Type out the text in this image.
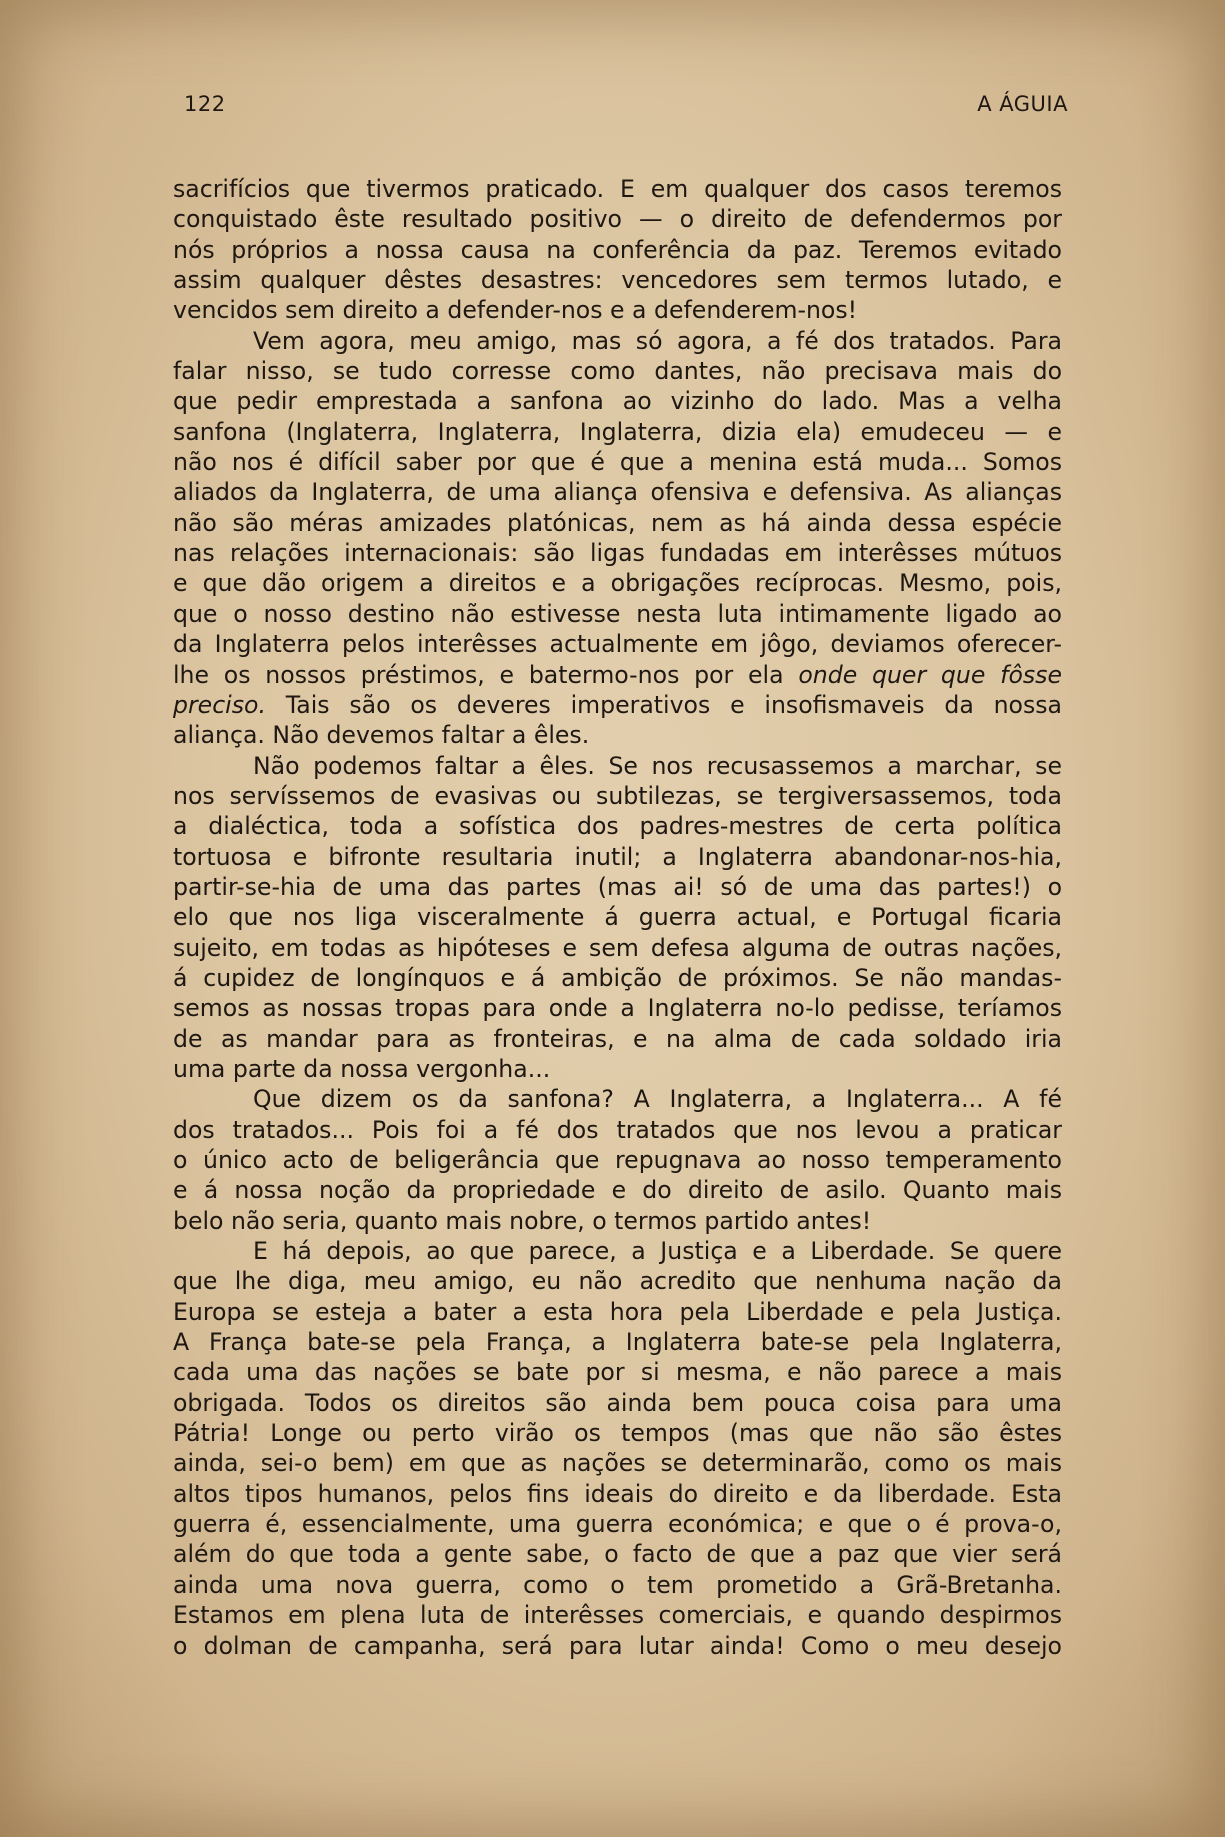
122	A ÁGUIA
sacrifícios que tivermos praticado. E em qualquer dos casos teremos
conquistado êste resultado positivo — o direito de defendermos por
nós próprios a nossa causa na conferência da paz. Teremos evitado
assim qualquer dêstes desastres: vencedores sem termos lutado, e
vencidos sem direito a defender-nos e a defenderem-nos!
Vem agora, meu amigo, mas só agora, a fé dos tratados. Para
falar nisso, se tudo corresse como dantes, não precisava mais do
que pedir emprestada a sanfona ao vizinho do lado. Mas a velha
sanfona (Inglaterra, Inglaterra, Inglaterra, dizia ela) emudeceu — e
não nos é difícil saber por que é que a menina está muda... Somos
aliados da Inglaterra, de uma aliança ofensiva e defensiva. As alianças
não são méras amizades platónicas, nem as há ainda dessa espécie
nas relações internacionais: são ligas fundadas em interêsses mútuos
e que dão origem a direitos e a obrigações recíprocas. Mesmo, pois,
que o nosso destino não estivesse nesta luta intimamente ligado ao
da Inglaterra pelos interêsses actualmente em jôgo, deviamos oferecer-
lhe os nossos préstimos, e batermo-nos por ela onde quer que fôsse
preciso. Tais são os deveres imperativos e insofismaveis da nossa
aliança. Não devemos faltar a êles.
Não podemos faltar a êles. Se nos recusassemos a marchar, se
nos servíssemos de evasivas ou subtilezas, se tergiversassemos, toda
a dialéctica, toda a sofística dos padres-mestres de certa política
tortuosa e bifronte resultaria inutil; a Inglaterra abandonar-nos-hia,
partir-se-hia de uma das partes (mas ai! só de uma das partes!) o
elo que nos liga visceralmente á guerra actual, e Portugal ficaria
sujeito, em todas as hipóteses e sem defesa alguma de outras nações,
á cupidez de longínquos e á ambição de próximos. Se não mandas-
semos as nossas tropas para onde a Inglaterra no-lo pedisse, teríamos
de as mandar para as fronteiras, e na alma de cada soldado iria
uma parte da nossa vergonha...
Que dizem os da sanfona? A Inglaterra, a Inglaterra... A fé
dos tratados... Pois foi a fé dos tratados que nos levou a praticar
o único acto de beligerância que repugnava ao nosso temperamento
e á nossa noção da propriedade e do direito de asilo. Quanto mais
belo não seria, quanto mais nobre, o termos partido antes!
E há depois, ao que parece, a Justiça e a Liberdade. Se quere
que lhe diga, meu amigo, eu não acredito que nenhuma nação da
Europa se esteja a bater a esta hora pela Liberdade e pela Justiça.
A França bate-se pela França, a Inglaterra bate-se pela Inglaterra,
cada uma das nações se bate por si mesma, e não parece a mais
obrigada. Todos os direitos são ainda bem pouca coisa para uma
Pátria! Longe ou perto virão os tempos (mas que não são êstes
ainda, sei-o bem) em que as nações se determinarão, como os mais
altos tipos humanos, pelos fins ideais do direito e da liberdade. Esta
guerra é, essencialmente, uma guerra económica; e que o é prova-o,
além do que toda a gente sabe, o facto de que a paz que vier será
ainda uma nova guerra, como o tem prometido a Grã-Bretanha.
Estamos em plena luta de interêsses comerciais, e quando despirmos
o dolman de campanha, será para lutar ainda! Como o meu desejo
